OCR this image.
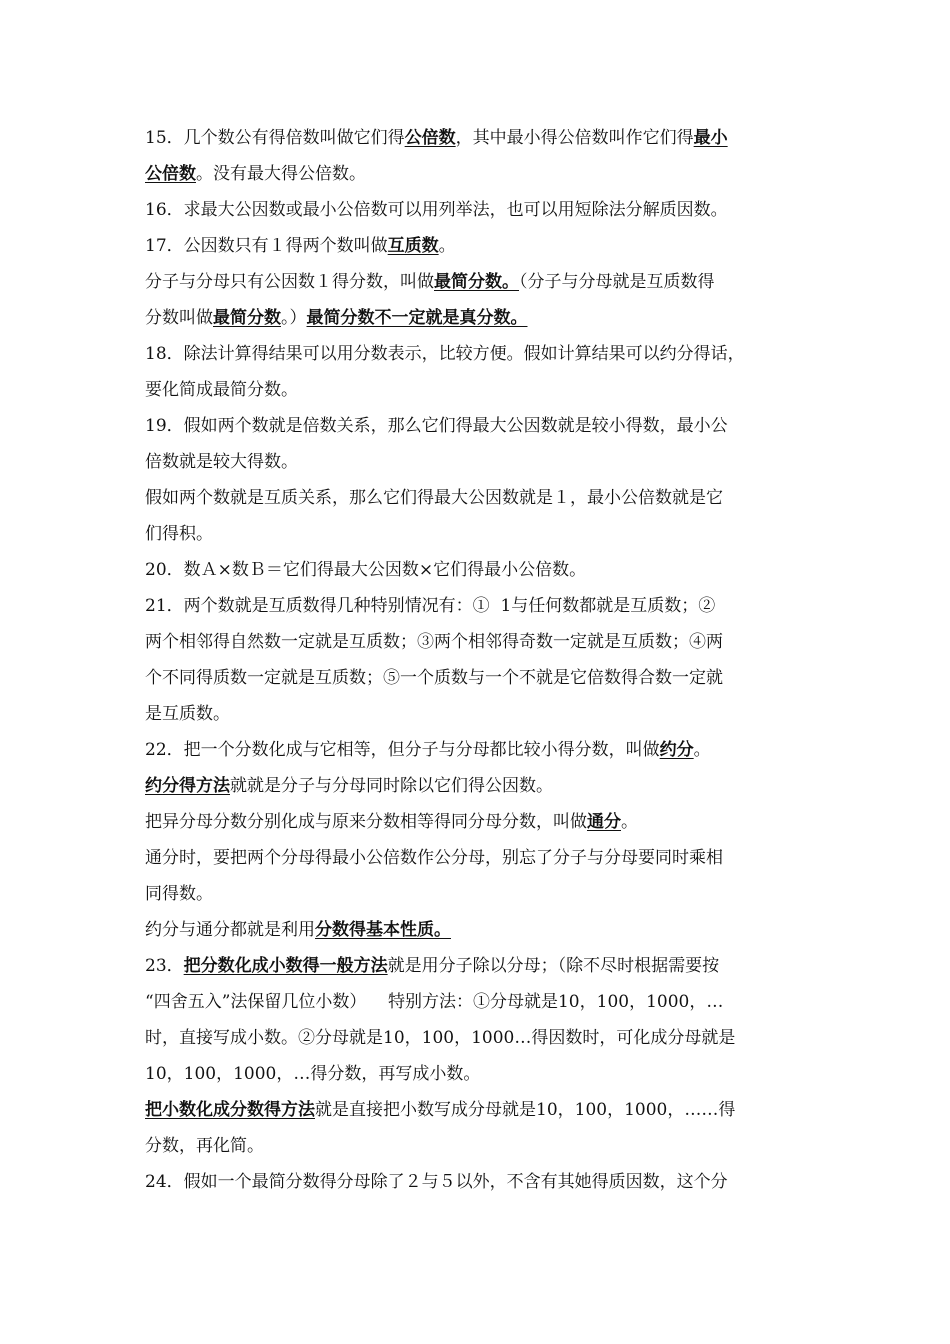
15．几个数公有得倍数叫做它们得公倍数，其中最小得公倍数叫作它们得最小
公倍数。没有最大得公倍数。
16．求最大公因数或最小公倍数可以用列举法，也可以用短除法分解质因数。
17．公因数只有１得两个数叫做互质数。
分子与分母只有公因数１得分数，叫做最简分数。（分子与分母就是互质数得
分数叫做最简分数。）最简分数不一定就是真分数。
18．除法计算得结果可以用分数表示，比较方便。假如计算结果可以约分得话，
要化简成最简分数。
19．假如两个数就是倍数关系，那么它们得最大公因数就是较小得数，最小公
倍数就是较大得数。
假如两个数就是互质关系，那么它们得最大公因数就是１，最小公倍数就是它
们得积。
20．数Ａ×数Ｂ＝它们得最大公因数×它们得最小公倍数。
21．两个数就是互质数得几种特别情况有：①  1与任何数都就是互质数；②
两个相邻得自然数一定就是互质数；③两个相邻得奇数一定就是互质数；④两
个不同得质数一定就是互质数；⑤一个质数与一个不就是它倍数得合数一定就
是互质数。
22．把一个分数化成与它相等，但分子与分母都比较小得分数，叫做约分。
约分得方法就就是分子与分母同时除以它们得公因数。
把异分母分数分别化成与原来分数相等得同分母分数，叫做通分。
通分时，要把两个分母得最小公倍数作公分母，别忘了分子与分母要同时乘相
同得数。
约分与通分都就是利用分数得基本性质。
23．把分数化成小数得一般方法就是用分子除以分母；（除不尽时根据需要按
“四舍五入”法保留几位小数）    特别方法：①分母就是10，100，1000，…
时，直接写成小数。②分母就是10，100，1000…得因数时，可化成分母就是
10，100，1000，…得分数，再写成小数。
把小数化成分数得方法就是直接把小数写成分母就是10，100，1000，……得
分数，再化简。
24．假如一个最简分数得分母除了２与５以外，不含有其她得质因数，这个分
